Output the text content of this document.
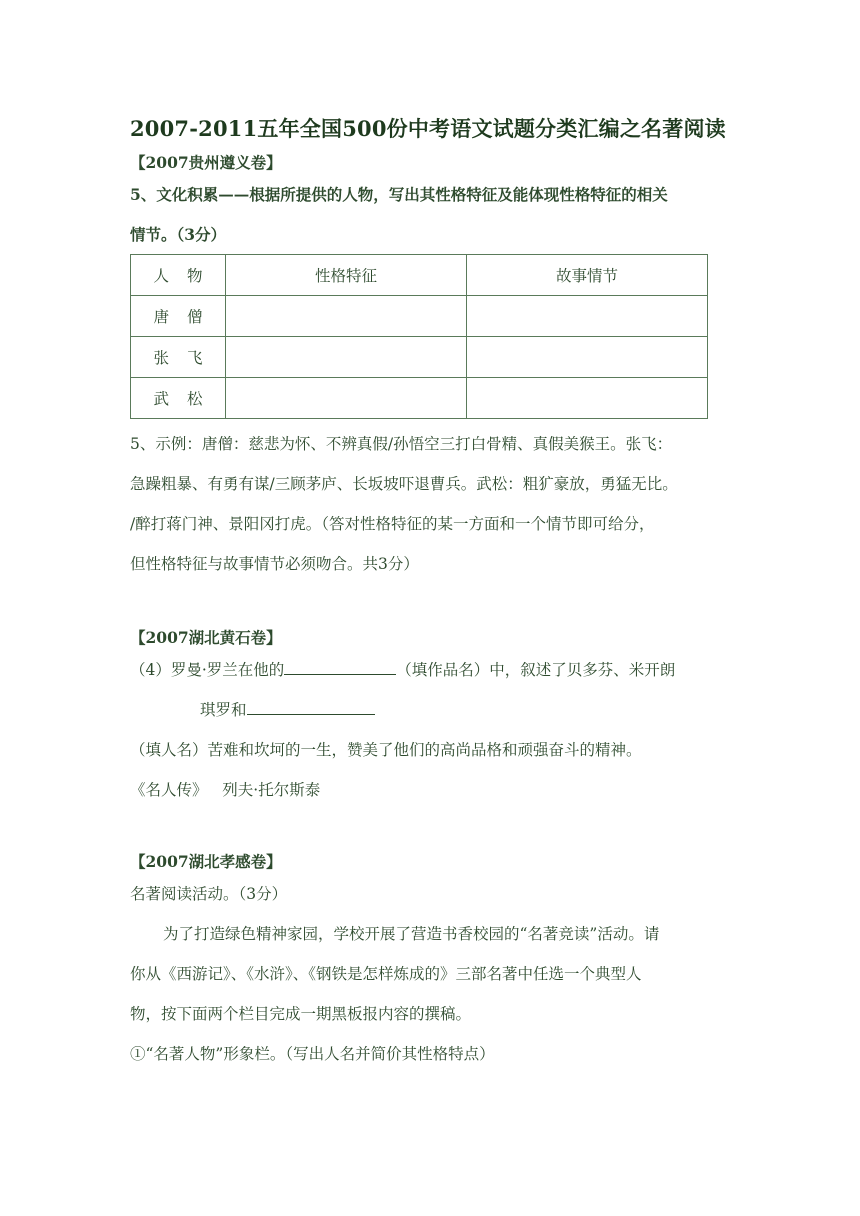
2007-2011五年全国500份中考语文试题分类汇编之名著阅读
【2007贵州遵义卷】
5、文化积累——根据所提供的人物，写出其性格特征及能体现性格特征的相关
情节。（3分）
人物	性格特征	故事情节
唐僧		
张飞		
武松		
5、示例：唐僧：慈悲为怀、不辨真假/孙悟空三打白骨精、真假美猴王。张飞：
急躁粗暴、有勇有谋/三顾茅庐、长坂坡吓退曹兵。武松：粗犷豪放，勇猛无比。
/醉打蒋门神、景阳冈打虎。（答对性格特征的某一方面和一个情节即可给分，
但性格特征与故事情节必须吻合。共3分）
【2007湖北黄石卷】
（4）罗曼·罗兰在他的	（填作品名）中，叙述了贝多芬、米开朗
琪罗和
（填人名）苦难和坎坷的一生，赞美了他们的高尚品格和顽强奋斗的精神。
《名人传》   列夫·托尔斯泰
【2007湖北孝感卷】
名著阅读活动。（3分）
为了打造绿色精神家园，学校开展了营造书香校园的“名著竞读”活动。请
你从《西游记》、《水浒》、《钢铁是怎样炼成的》三部名著中任选一个典型人
物，按下面两个栏目完成一期黑板报内容的撰稿。
①“名著人物”形象栏。（写出人名并简价其性格特点）
